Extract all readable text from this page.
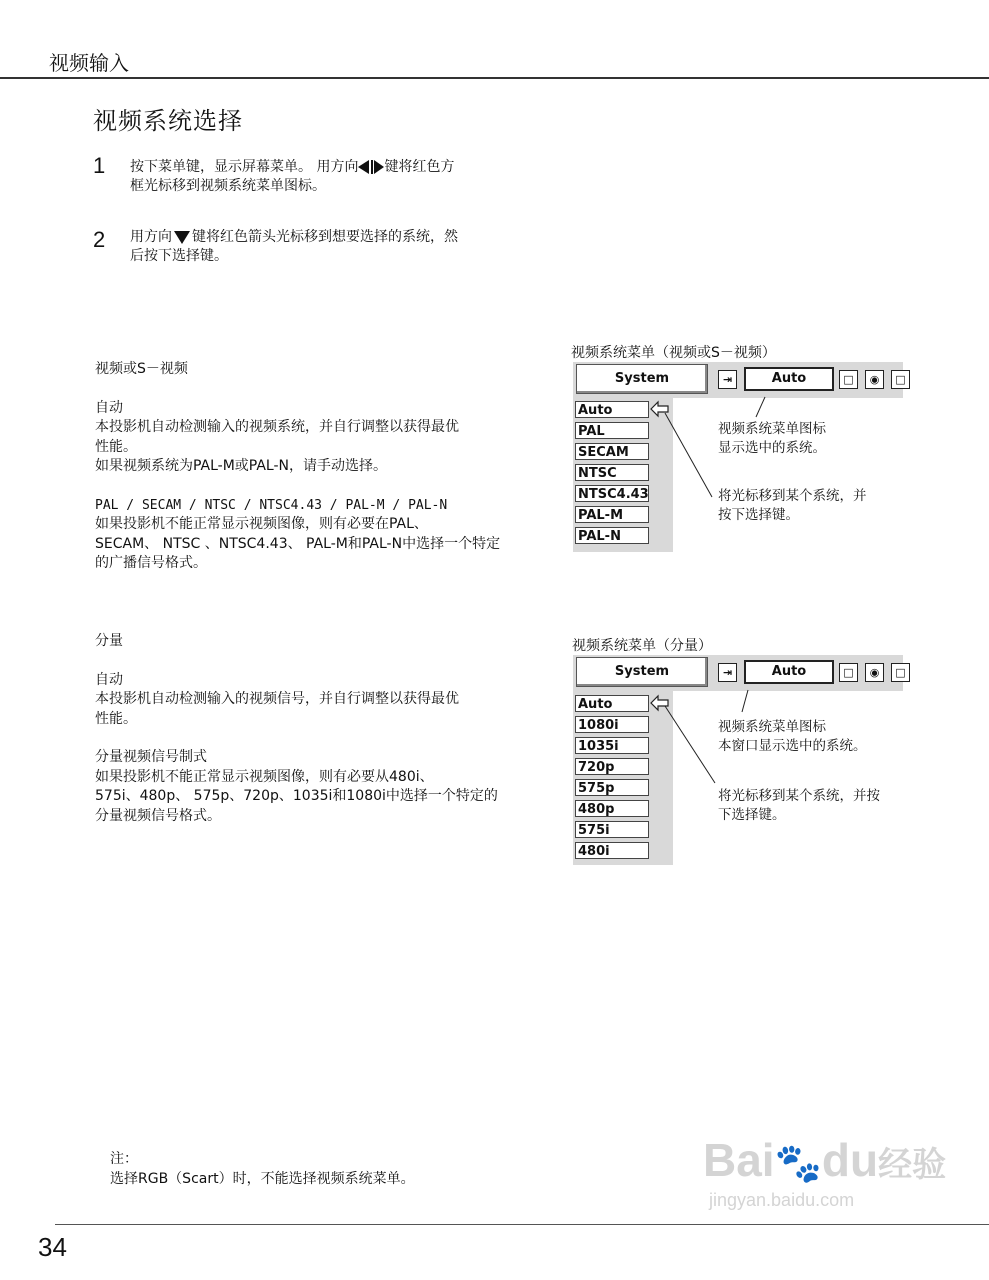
视频输入
视频系统选择
1 按下菜单键，显示屏幕菜单。 用方向 键将红色方
框光标移到视频系统菜单图标。
2 用方向 键将红色箭头光标移到想要选择的系统，然
后按下选择键。

视频或S－视频

自动

本投影机自动检测输入的视频系统，并自行调整以获得最优

性能。

如果视频系统为PAL-M或PAL-N，请手动选择。

PAL / SECAM / NTSC / NTSC4.43 / PAL-M / PAL-N

如果投影机不能正常显示视频图像，则有必要在PAL、

SECAM、 NTSC 、NTSC4.43、 PAL-M和PAL-N中选择一个特定

的广播信号格式。

分量

自动

本投影机自动检测输入的视频信号，并自行调整以获得最优

性能。

分量视频信号制式

如果投影机不能正常显示视频图像，则有必要从480i、

575i、480p、 575p、720p、1035i和1080i中选择一个特定的

分量视频信号格式。

视频系统菜单（视频或S－视频）
System	⇥	Auto	□	◉	□
Auto
PAL
SECAM
NTSC
NTSC4.43
PAL-M
PAL-N
视频系统菜单图标
显示选中的系统。
将光标移到某个系统，并
按下选择键。
视频系统菜单（分量）
System	⇥	Auto	□	◉	□
Auto
1080i
1035i
720p
575p
480p
575i
480i
视频系统菜单图标
本窗口显示选中的系统。
将光标移到某个系统，并按
下选择键。

注：

选择RGB（Scart）时，不能选择视频系统菜单。	Bai🐾du经验
jingyan.baidu.com
34
